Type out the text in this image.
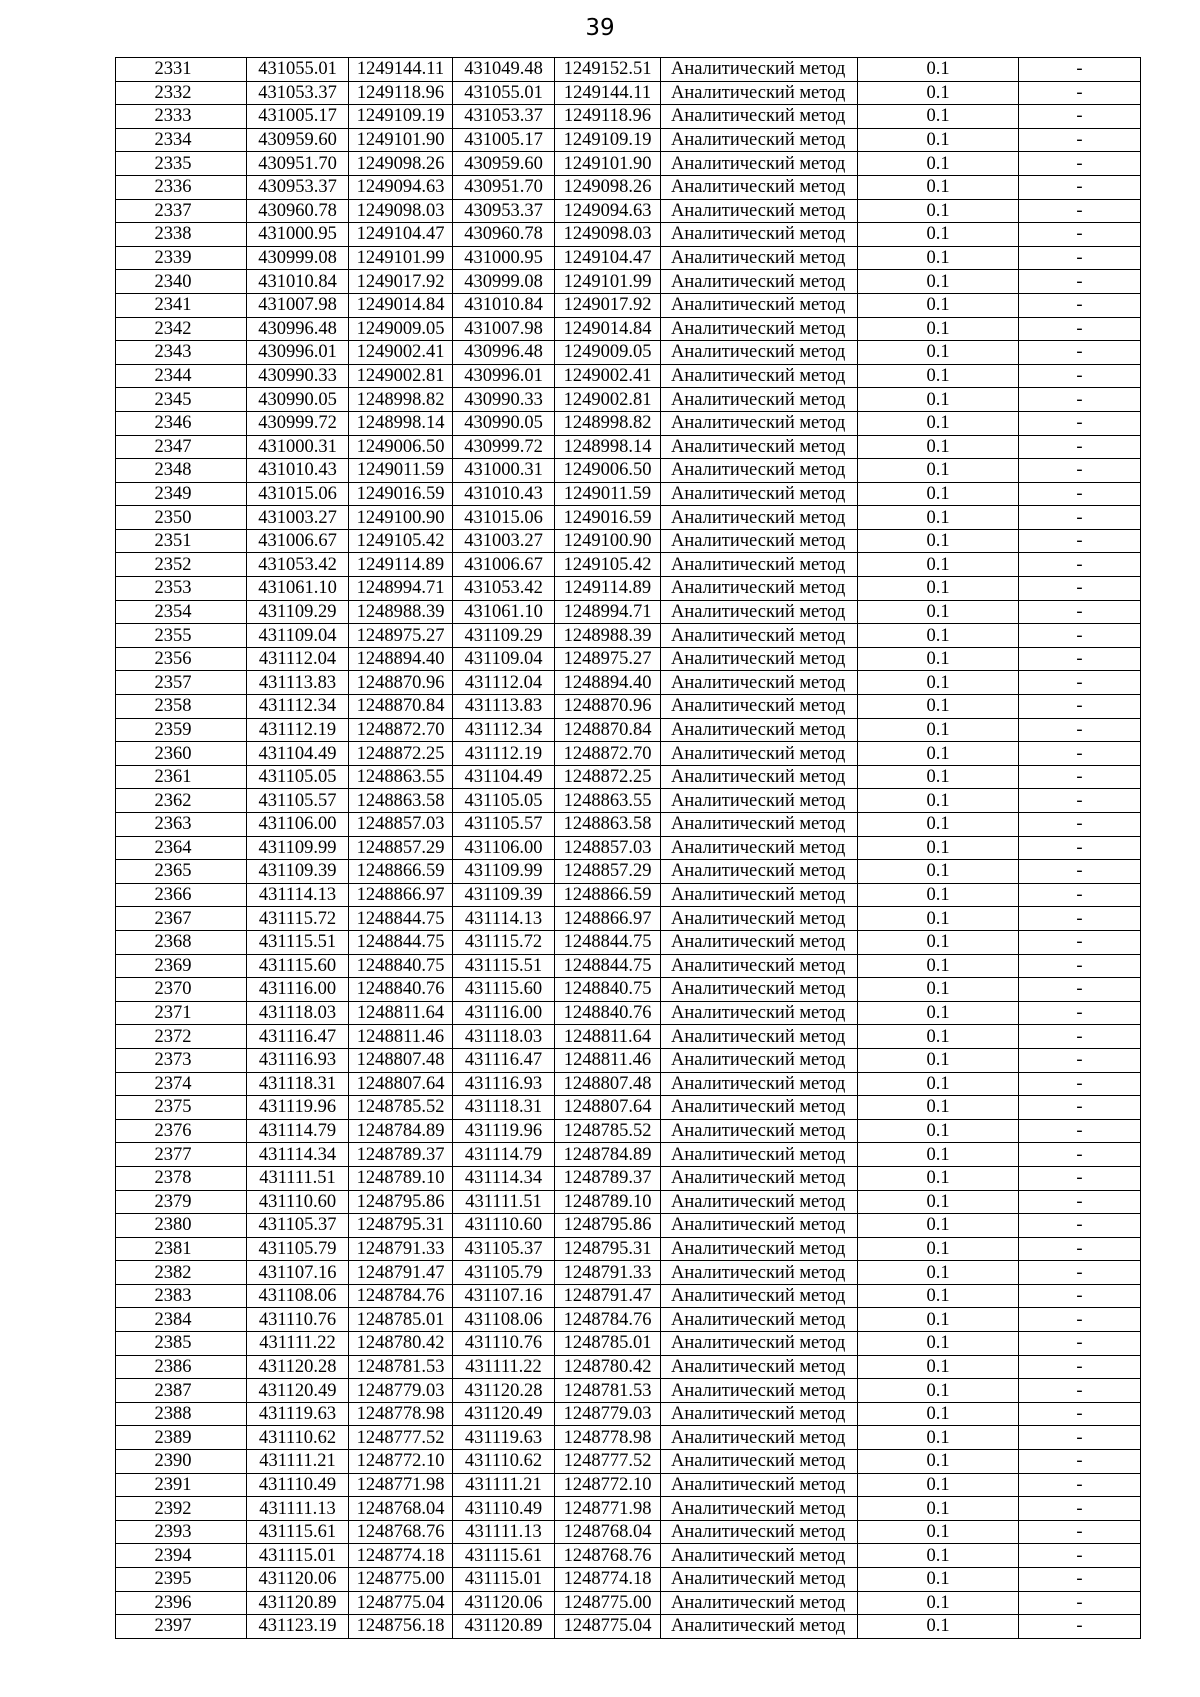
39
2331	431055.01	1249144.11	431049.48	1249152.51	Аналитический метод	0.1	-
2332	431053.37	1249118.96	431055.01	1249144.11	Аналитический метод	0.1	-
2333	431005.17	1249109.19	431053.37	1249118.96	Аналитический метод	0.1	-
2334	430959.60	1249101.90	431005.17	1249109.19	Аналитический метод	0.1	-
2335	430951.70	1249098.26	430959.60	1249101.90	Аналитический метод	0.1	-
2336	430953.37	1249094.63	430951.70	1249098.26	Аналитический метод	0.1	-
2337	430960.78	1249098.03	430953.37	1249094.63	Аналитический метод	0.1	-
2338	431000.95	1249104.47	430960.78	1249098.03	Аналитический метод	0.1	-
2339	430999.08	1249101.99	431000.95	1249104.47	Аналитический метод	0.1	-
2340	431010.84	1249017.92	430999.08	1249101.99	Аналитический метод	0.1	-
2341	431007.98	1249014.84	431010.84	1249017.92	Аналитический метод	0.1	-
2342	430996.48	1249009.05	431007.98	1249014.84	Аналитический метод	0.1	-
2343	430996.01	1249002.41	430996.48	1249009.05	Аналитический метод	0.1	-
2344	430990.33	1249002.81	430996.01	1249002.41	Аналитический метод	0.1	-
2345	430990.05	1248998.82	430990.33	1249002.81	Аналитический метод	0.1	-
2346	430999.72	1248998.14	430990.05	1248998.82	Аналитический метод	0.1	-
2347	431000.31	1249006.50	430999.72	1248998.14	Аналитический метод	0.1	-
2348	431010.43	1249011.59	431000.31	1249006.50	Аналитический метод	0.1	-
2349	431015.06	1249016.59	431010.43	1249011.59	Аналитический метод	0.1	-
2350	431003.27	1249100.90	431015.06	1249016.59	Аналитический метод	0.1	-
2351	431006.67	1249105.42	431003.27	1249100.90	Аналитический метод	0.1	-
2352	431053.42	1249114.89	431006.67	1249105.42	Аналитический метод	0.1	-
2353	431061.10	1248994.71	431053.42	1249114.89	Аналитический метод	0.1	-
2354	431109.29	1248988.39	431061.10	1248994.71	Аналитический метод	0.1	-
2355	431109.04	1248975.27	431109.29	1248988.39	Аналитический метод	0.1	-
2356	431112.04	1248894.40	431109.04	1248975.27	Аналитический метод	0.1	-
2357	431113.83	1248870.96	431112.04	1248894.40	Аналитический метод	0.1	-
2358	431112.34	1248870.84	431113.83	1248870.96	Аналитический метод	0.1	-
2359	431112.19	1248872.70	431112.34	1248870.84	Аналитический метод	0.1	-
2360	431104.49	1248872.25	431112.19	1248872.70	Аналитический метод	0.1	-
2361	431105.05	1248863.55	431104.49	1248872.25	Аналитический метод	0.1	-
2362	431105.57	1248863.58	431105.05	1248863.55	Аналитический метод	0.1	-
2363	431106.00	1248857.03	431105.57	1248863.58	Аналитический метод	0.1	-
2364	431109.99	1248857.29	431106.00	1248857.03	Аналитический метод	0.1	-
2365	431109.39	1248866.59	431109.99	1248857.29	Аналитический метод	0.1	-
2366	431114.13	1248866.97	431109.39	1248866.59	Аналитический метод	0.1	-
2367	431115.72	1248844.75	431114.13	1248866.97	Аналитический метод	0.1	-
2368	431115.51	1248844.75	431115.72	1248844.75	Аналитический метод	0.1	-
2369	431115.60	1248840.75	431115.51	1248844.75	Аналитический метод	0.1	-
2370	431116.00	1248840.76	431115.60	1248840.75	Аналитический метод	0.1	-
2371	431118.03	1248811.64	431116.00	1248840.76	Аналитический метод	0.1	-
2372	431116.47	1248811.46	431118.03	1248811.64	Аналитический метод	0.1	-
2373	431116.93	1248807.48	431116.47	1248811.46	Аналитический метод	0.1	-
2374	431118.31	1248807.64	431116.93	1248807.48	Аналитический метод	0.1	-
2375	431119.96	1248785.52	431118.31	1248807.64	Аналитический метод	0.1	-
2376	431114.79	1248784.89	431119.96	1248785.52	Аналитический метод	0.1	-
2377	431114.34	1248789.37	431114.79	1248784.89	Аналитический метод	0.1	-
2378	431111.51	1248789.10	431114.34	1248789.37	Аналитический метод	0.1	-
2379	431110.60	1248795.86	431111.51	1248789.10	Аналитический метод	0.1	-
2380	431105.37	1248795.31	431110.60	1248795.86	Аналитический метод	0.1	-
2381	431105.79	1248791.33	431105.37	1248795.31	Аналитический метод	0.1	-
2382	431107.16	1248791.47	431105.79	1248791.33	Аналитический метод	0.1	-
2383	431108.06	1248784.76	431107.16	1248791.47	Аналитический метод	0.1	-
2384	431110.76	1248785.01	431108.06	1248784.76	Аналитический метод	0.1	-
2385	431111.22	1248780.42	431110.76	1248785.01	Аналитический метод	0.1	-
2386	431120.28	1248781.53	431111.22	1248780.42	Аналитический метод	0.1	-
2387	431120.49	1248779.03	431120.28	1248781.53	Аналитический метод	0.1	-
2388	431119.63	1248778.98	431120.49	1248779.03	Аналитический метод	0.1	-
2389	431110.62	1248777.52	431119.63	1248778.98	Аналитический метод	0.1	-
2390	431111.21	1248772.10	431110.62	1248777.52	Аналитический метод	0.1	-
2391	431110.49	1248771.98	431111.21	1248772.10	Аналитический метод	0.1	-
2392	431111.13	1248768.04	431110.49	1248771.98	Аналитический метод	0.1	-
2393	431115.61	1248768.76	431111.13	1248768.04	Аналитический метод	0.1	-
2394	431115.01	1248774.18	431115.61	1248768.76	Аналитический метод	0.1	-
2395	431120.06	1248775.00	431115.01	1248774.18	Аналитический метод	0.1	-
2396	431120.89	1248775.04	431120.06	1248775.00	Аналитический метод	0.1	-
2397	431123.19	1248756.18	431120.89	1248775.04	Аналитический метод	0.1	-
